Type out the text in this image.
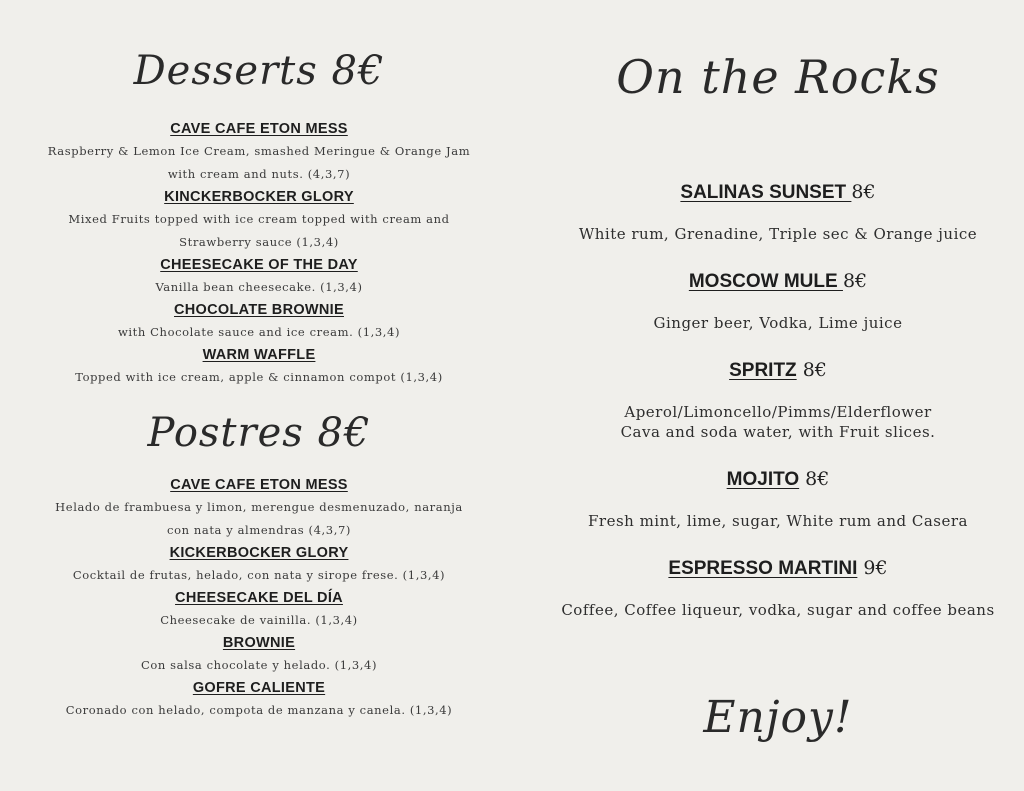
Desserts 8€
CAVE CAFE ETON MESS
Raspberry & Lemon Ice Cream, smashed Meringue & Orange Jam with cream and nuts. (4,3,7)
KINCKERBOCKER GLORY
Mixed Fruits topped with ice cream topped with cream and Strawberry sauce (1,3,4)
CHEESECAKE OF THE DAY
Vanilla bean cheesecake. (1,3,4)
CHOCOLATE BROWNIE
with Chocolate sauce and ice cream. (1,3,4)
WARM WAFFLE
Topped with ice cream, apple & cinnamon compot (1,3,4)
Postres 8€
CAVE CAFE ETON MESS
Helado de frambuesa y limon, merengue desmenuzado, naranja con nata y almendras (4,3,7)
KICKERBOCKER GLORY
Cocktail de frutas, helado, con nata y sirope frese. (1,3,4)
CHEESECAKE DEL DÍA
Cheesecake de vainilla. (1,3,4)
BROWNIE
Con salsa chocolate y helado. (1,3,4)
GOFRE CALIENTE
Coronado con helado, compota de manzana y canela. (1,3,4)
On the Rocks
SALINAS SUNSET 8€
White rum, Grenadine, Triple sec & Orange juice
MOSCOW MULE 8€
Ginger beer, Vodka, Lime juice
SPRITZ 8€
Aperol/Limoncello/Pimms/Elderflower
Cava and soda water, with Fruit slices.
MOJITO 8€
Fresh mint, lime, sugar, White rum and Casera
ESPRESSO MARTINI 9€
Coffee, Coffee liqueur, vodka, sugar and coffee beans
Enjoy!
